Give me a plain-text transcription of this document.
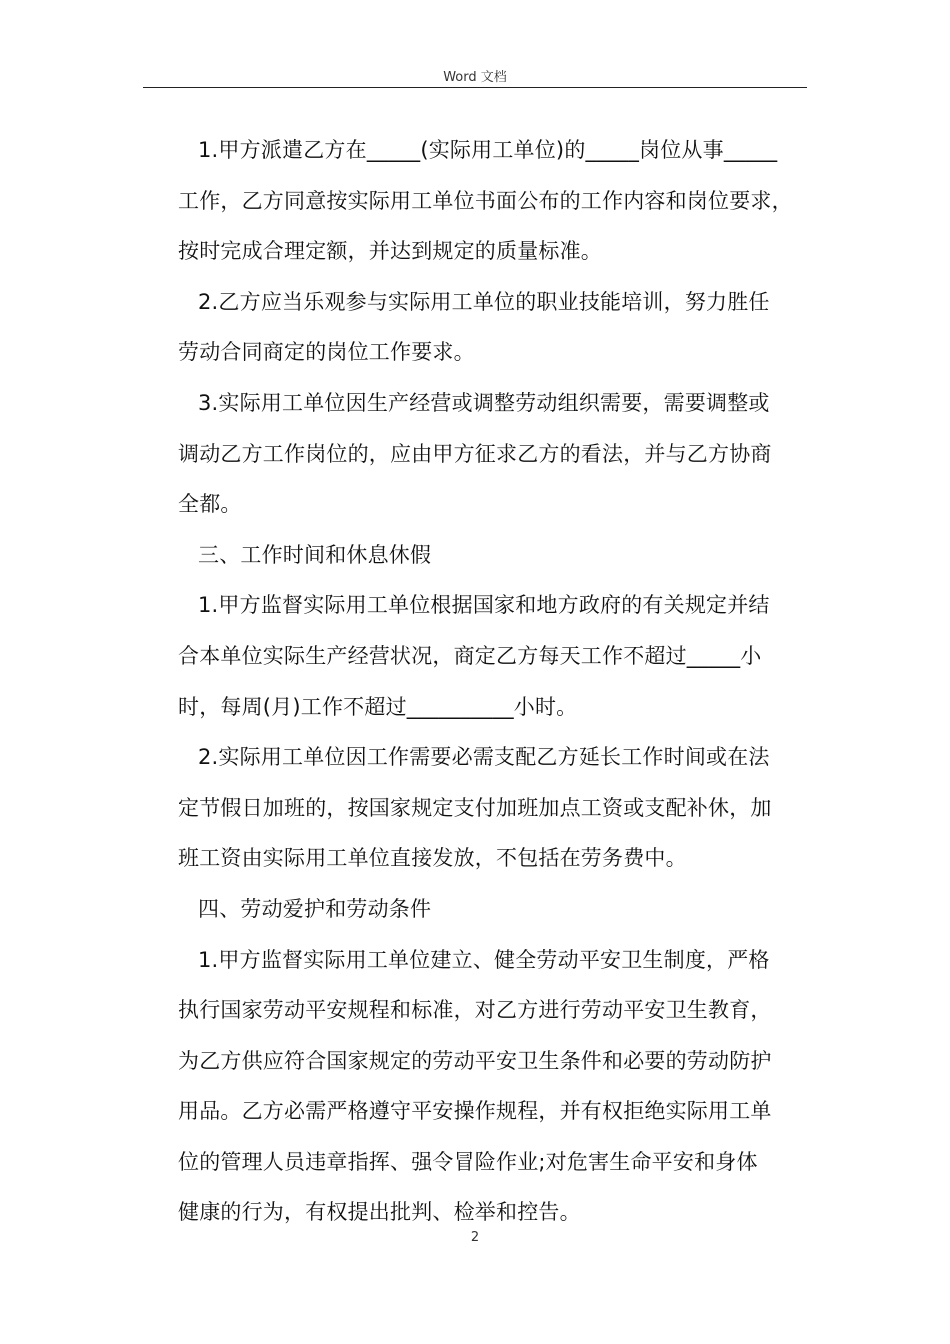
Word 文档
1.甲方派遣乙方在_____(实际用工单位)的_____岗位从事_____
工作，乙方同意按实际用工单位书面公布的工作内容和岗位要求，
按时完成合理定额，并达到规定的质量标准。
2.乙方应当乐观参与实际用工单位的职业技能培训，努力胜任
劳动合同商定的岗位工作要求。
3.实际用工单位因生产经营或调整劳动组织需要，需要调整或
调动乙方工作岗位的，应由甲方征求乙方的看法，并与乙方协商
全都。
三、工作时间和休息休假
1.甲方监督实际用工单位根据国家和地方政府的有关规定并结
合本单位实际生产经营状况，商定乙方每天工作不超过_____小
时，每周(月)工作不超过__________小时。
2.实际用工单位因工作需要必需支配乙方延长工作时间或在法
定节假日加班的，按国家规定支付加班加点工资或支配补休，加
班工资由实际用工单位直接发放，不包括在劳务费中。
四、劳动爱护和劳动条件
1.甲方监督实际用工单位建立、健全劳动平安卫生制度，严格
执行国家劳动平安规程和标准，对乙方进行劳动平安卫生教育，
为乙方供应符合国家规定的劳动平安卫生条件和必要的劳动防护
用品。乙方必需严格遵守平安操作规程，并有权拒绝实际用工单
位的管理人员违章指挥、强令冒险作业;对危害生命平安和身体
健康的行为，有权提出批判、检举和控告。
2
